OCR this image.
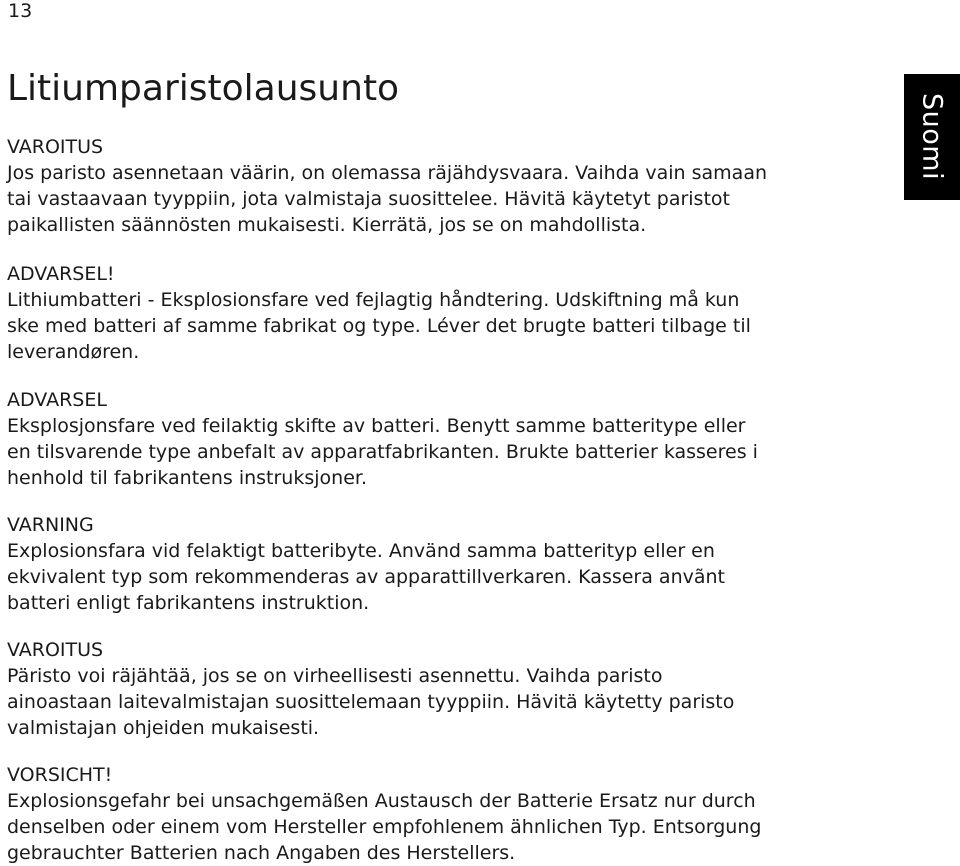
13
Suomi
Litiumparistolausunto
VAROITUS
Jos paristo asennetaan väärin, on olemassa räjähdysvaara. Vaihda vain samaan
tai vastaavaan tyyppiin, jota valmistaja suosittelee. Hävitä käytetyt paristot
paikallisten säännösten mukaisesti. Kierrätä, jos se on mahdollista.
ADVARSEL!
Lithiumbatteri - Eksplosionsfare ved fejlagtig håndtering. Udskiftning må kun
ske med batteri af samme fabrikat og type. Léver det brugte batteri tilbage til
leverandøren.
ADVARSEL
Eksplosjonsfare ved feilaktig skifte av batteri. Benytt samme batteritype eller
en tilsvarende type anbefalt av apparatfabrikanten. Brukte batterier kasseres i
henhold til fabrikantens instruksjoner.
VARNING
Explosionsfara vid felaktigt batteribyte. Använd samma batterityp eller en
ekvivalent typ som rekommenderas av apparattillverkaren. Kassera anvãnt
batteri enligt fabrikantens instruktion.
VAROITUS
Päristo voi räjähtää, jos se on virheellisesti asennettu. Vaihda paristo
ainoastaan laitevalmistajan suosittelemaan tyyppiin. Hävitä käytetty paristo
valmistajan ohjeiden mukaisesti.
VORSICHT!
Explosionsgefahr bei unsachgemäßen Austausch der Batterie Ersatz nur durch
denselben oder einem vom Hersteller empfohlenem ähnlichen Typ. Entsorgung
gebrauchter Batterien nach Angaben des Herstellers.
